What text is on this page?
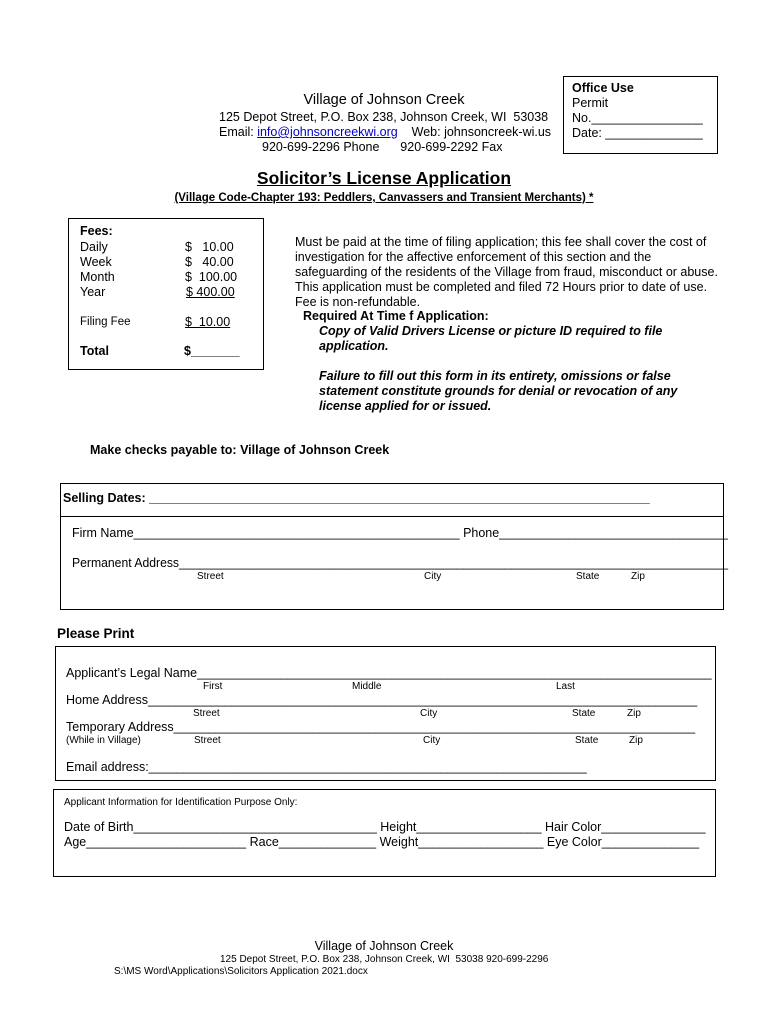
Office Use
Permit
No.________________
Date: ______________
Village of Johnson Creek
125 Depot Street, P.O. Box 238, Johnson Creek, WI  53038
Email: info@johnsoncreekwi.org    Web: johnsoncreek-wi.us
920-699-2296 Phone      920-699-2292 Fax
Solicitor’s License Application
(Village Code-Chapter 193: Peddlers, Canvassers and Transient Merchants) *
Fees:
Daily	$   10.00
Week	$   40.00
Month	$  100.00
Year	$ 400.00
Filing Fee	$  10.00
Total	$_______
Must be paid at the time of filing application; this fee shall cover the cost of
investigation for the affective enforcement of this section and the
safeguarding of the residents of the Village from fraud, misconduct or abuse.
This application must be completed and filed 72 Hours prior to date of use.
Fee is non-refundable.
Required At Time f Application:
Copy of Valid Drivers License or picture ID required to file
application.
Failure to fill out this form in its entirety, omissions or false
statement constitute grounds for denial or revocation of any
license applied for or issued.
Make checks payable to: Village of Johnson Creek
Selling Dates: ________________________________________________________________________
Firm Name_______________________________________________ Phone_________________________________
Permanent Address_________________________________________________________________________________
Street	City	State	Zip
Please Print
Applicant’s Legal Name__________________________________________________________________________
First	Middle	Last
Home Address_______________________________________________________________________________
Street	City	State	Zip
Temporary Address___________________________________________________________________________
(While in Village)	Street	City	State	Zip
Email address:_______________________________________________________________
Applicant Information for Identification Purpose Only:
Date of Birth___________________________________ Height__________________ Hair Color_______________
Age_______________________ Race______________ Weight__________________ Eye Color______________
Village of Johnson Creek
125 Depot Street, P.O. Box 238, Johnson Creek, WI  53038 920-699-2296
S:\MS Word\Applications\Solicitors Application 2021.docx
